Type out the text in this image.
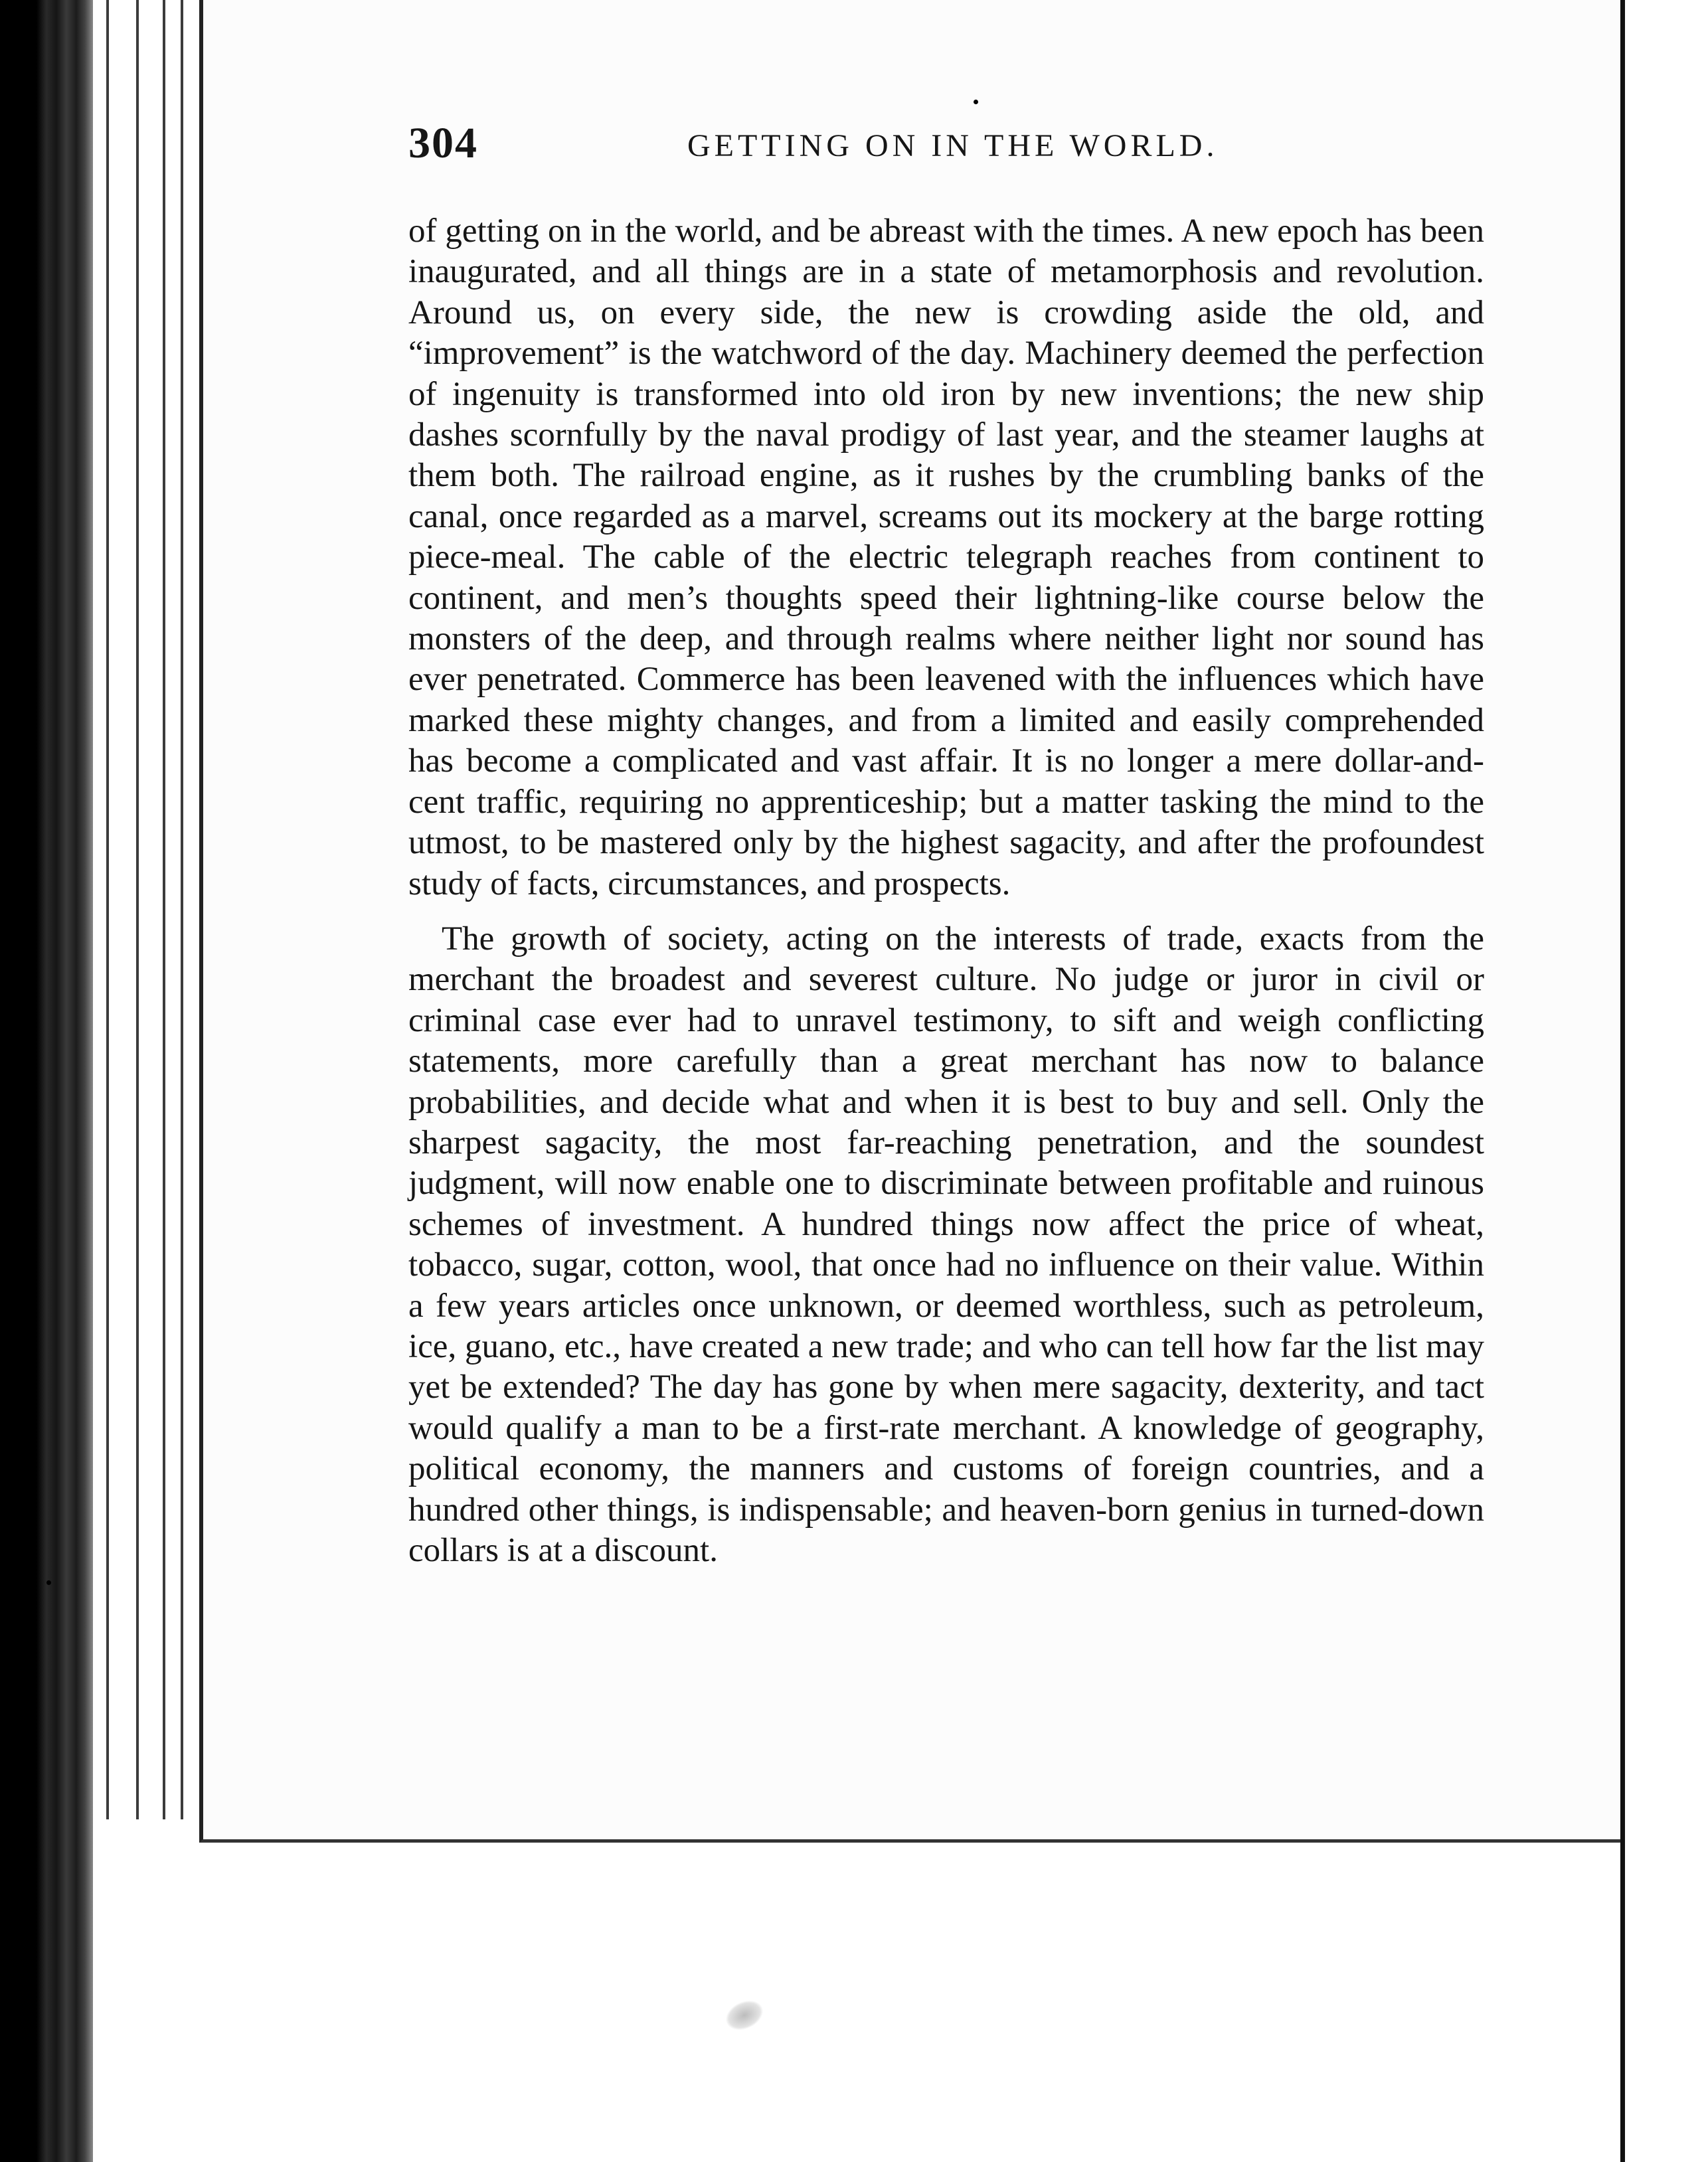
304	GETTING ON IN THE WORLD.

of getting on in the world, and be abreast with the times. A new epoch has been inaugurated, and all things are in a state of metamorphosis and revolution. Around us, on every side, the new is crowding aside the old, and “improvement” is the watchword of the day. Machinery deemed the perfection of ingenuity is transformed into old iron by new inventions; the new ship dashes scornfully by the naval prodigy of last year, and the steamer laughs at them both. The railroad engine, as it rushes by the crumbling banks of the canal, once regarded as a marvel, screams out its mockery at the barge rotting piece-meal. The cable of the electric telegraph reaches from continent to continent, and men’s thoughts speed their lightning-like course below the monsters of the deep, and through realms where neither light nor sound has ever penetrated. Commerce has been leavened with the influences which have marked these mighty changes, and from a limited and easily comprehended has become a complicated and vast affair. It is no longer a mere dollar-and-cent traffic, requiring no apprenticeship; but a matter tasking the mind to the utmost, to be mastered only by the highest sagacity, and after the profoundest study of facts, circumstances, and prospects.

The growth of society, acting on the interests of trade, exacts from the merchant the broadest and severest culture. No judge or juror in civil or criminal case ever had to unravel testimony, to sift and weigh conflicting statements, more carefully than a great merchant has now to balance probabilities, and decide what and when it is best to buy and sell. Only the sharpest sagacity, the most far-reaching penetration, and the soundest judgment, will now enable one to discriminate between profitable and ruinous schemes of investment. A hundred things now affect the price of wheat, tobacco, sugar, cotton, wool, that once had no influence on their value. Within a few years articles once unknown, or deemed worthless, such as petroleum, ice, guano, etc., have created a new trade; and who can tell how far the list may yet be extended? The day has gone by when mere sagacity, dexterity, and tact would qualify a man to be a first-rate merchant. A knowledge of geography, political economy, the manners and customs of foreign countries, and a hundred other things, is indispensable; and heaven-born genius in turned-down collars is at a discount.
